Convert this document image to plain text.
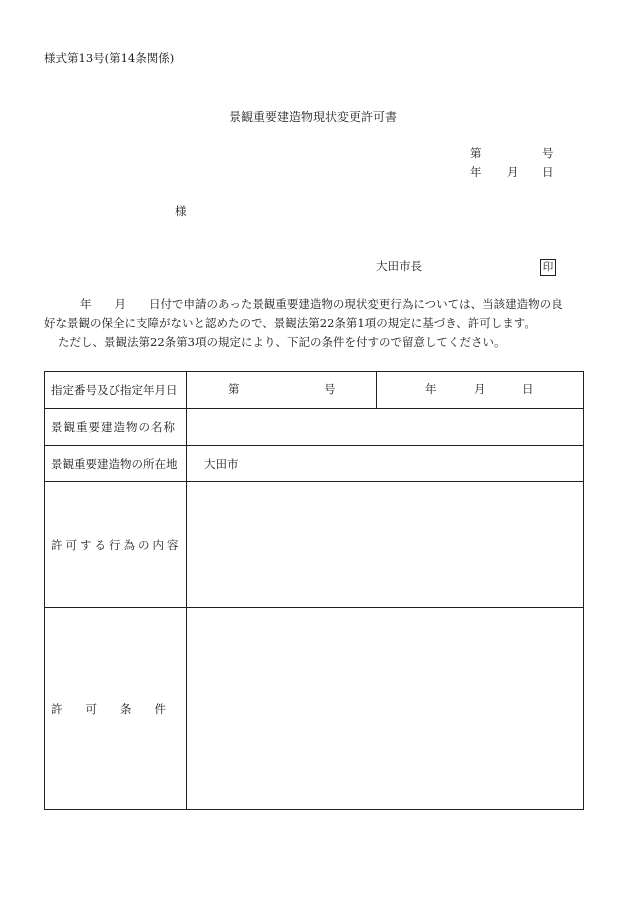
様式第13号(第14条関係)
景観重要建造物現状変更許可書
第	号
年 月 日
様
大田市長	印
年　　月　　日付で申請のあった景観重要建造物の現状変更行為については、当該建造物の良
好な景観の保全に支障がないと認めたので、景観法第22条第1項の規定に基づき、許可します。
ただし、景観法第22条第3項の規定により、下記の条件を付すので留意してください。
指定番号及び指定年月日	第 号	年 月 日

景観重要建造物の名称		
景観重要建造物の所在地	大田市	
許可する行為の内容		
許　　可　　条　　件		
